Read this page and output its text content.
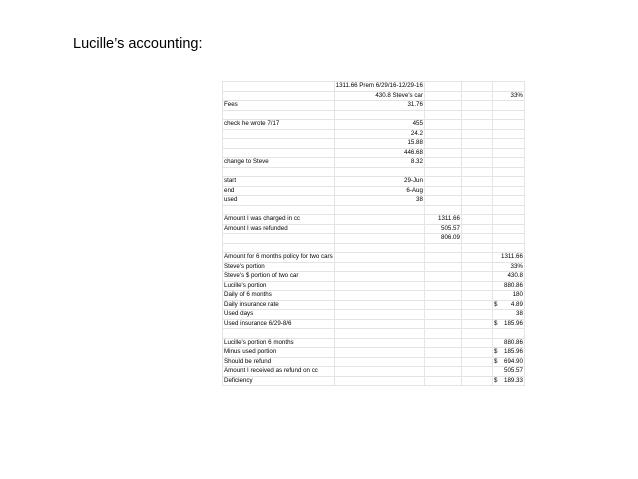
Lucille’s accounting:
	1311.66 Prem 6/29/16-12/29-16			
	430.8 Steve's car			33%
Fees	31.76			

check he wrote 7/17	455			
	24.2			
	15.88			
	446.68			
change to Steve	8.32			

start	29-Jun			
end	6-Aug			
used	38			

Amount I was charged in cc		1311.66		
Amount I was refunded		505.57		
		806.09		

Amount for 6 months policy for two cars				1311.66
Steve's portion				33%
Steve's $ portion of two car				430.8
Lucille's portion				880.86
Daily of 6 months				180
Daily insurance rate				$ 4.89

Used days				38
Used insurance 6/29-8/6				$ 185.96

Lucille's portion 6 months				880.86
Minus used portion				$ 185.96

Should be refund				$ 694.90

Amount I received as refund on cc				505.57
Deficiency				$ 189.33
